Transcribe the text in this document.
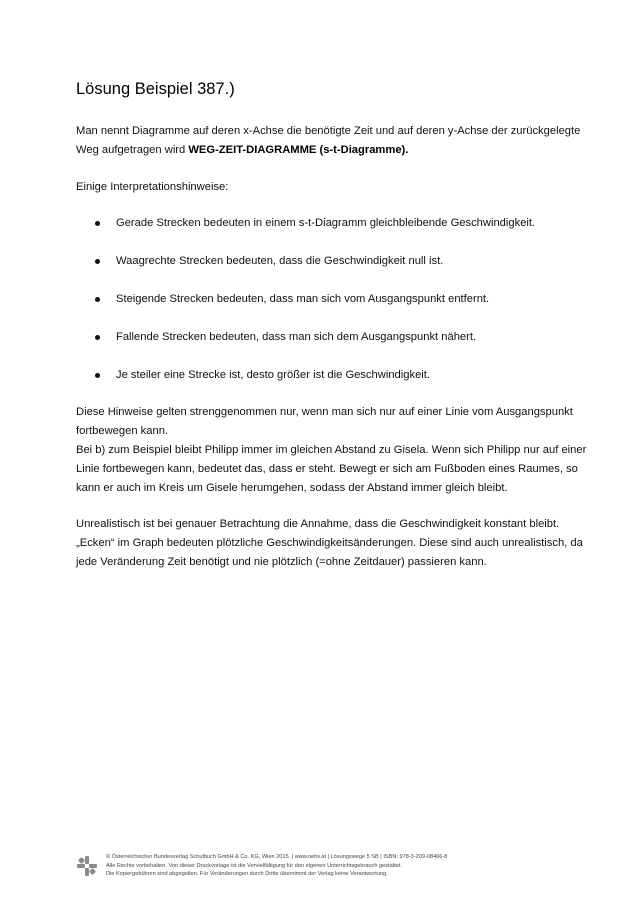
Lösung Beispiel 387.)

Man nennt Diagramme auf deren x-Achse die benötigte Zeit und auf deren y-Achse der zurückgelegte Weg aufgetragen wird WEG-ZEIT-DIAGRAMME (s-t-Diagramme).

Einige Interpretationshinweise:

Gerade Strecken bedeuten in einem s-t-Diagramm gleichbleibende Geschwindigkeit.
Waagrechte Strecken bedeuten, dass die Geschwindigkeit null ist.
Steigende Strecken bedeuten, dass man sich vom Ausgangspunkt entfernt.
Fallende Strecken bedeuten, dass man sich dem Ausgangspunkt nähert.
Je steiler eine Strecke ist, desto größer ist die Geschwindigkeit.

Diese Hinweise gelten strenggenommen nur, wenn man sich nur auf einer Linie vom Ausgangspunkt fortbewegen kann.
Bei b) zum Beispiel bleibt Philipp immer im gleichen Abstand zu Gisela. Wenn sich Philipp nur auf einer Linie fortbewegen kann, bedeutet das, dass er steht. Bewegt er sich am Fußboden eines Raumes, so kann er auch im Kreis um Gisele herumgehen, sodass der Abstand immer gleich bleibt.

Unrealistisch ist bei genauer Betrachtung die Annahme, dass die Geschwindigkeit konstant bleibt.
„Ecken“ im Graph bedeuten plötzliche Geschwindigkeitsänderungen. Diese sind auch unrealistisch, da jede Veränderung Zeit benötigt und nie plötzlich (=ohne Zeitdauer) passieren kann.

© Österreichischer Bundesverlag Schulbuch GmbH & Co. KG, Wien 2015. | www.oebv.at | Lösungswege 5 SB | ISBN: 978-3-209-08466-8
Alle Rechte vorbehalten. Von dieser Druckvorlage ist die Vervielfältigung für den eigenen Unterrichtsgebrauch gestattet.
Die Kopiergebühren sind abgegolten. Für Veränderungen durch Dritte übernimmt der Verlag keine Verantwortung.
